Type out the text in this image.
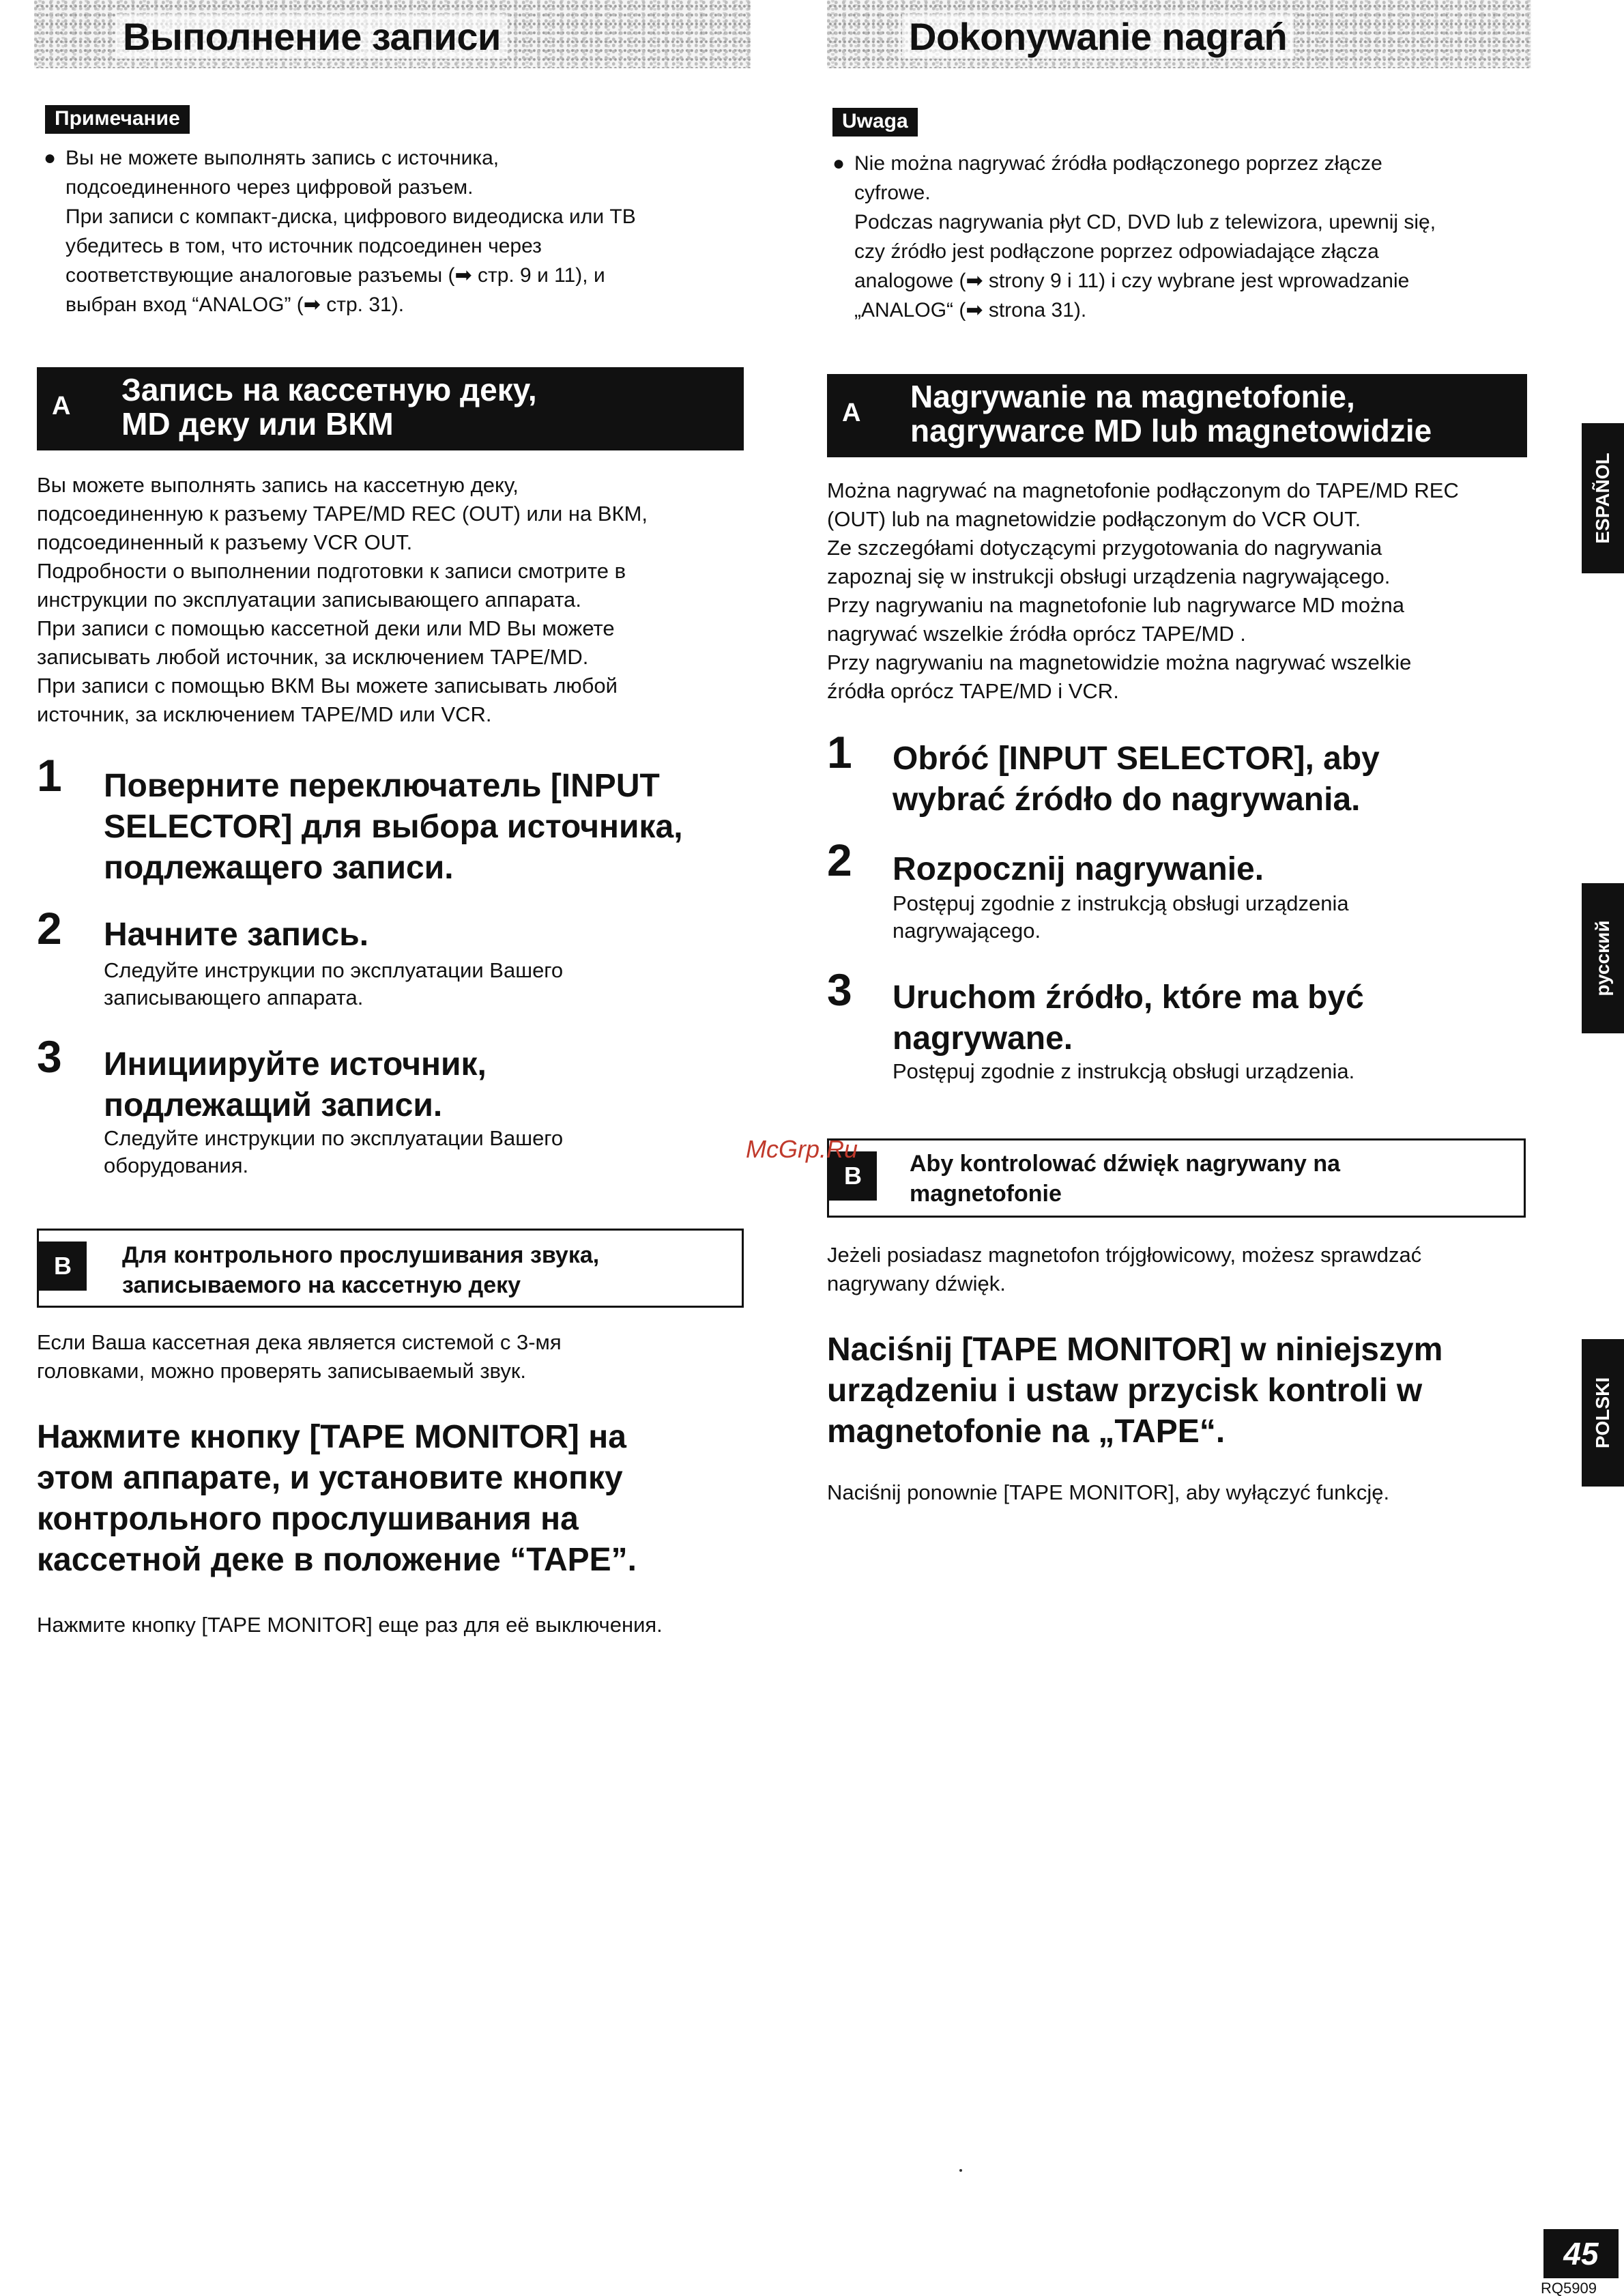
Выполнение записи
Примечание
● Вы не можете выполнять запись с источника,

подсоединенного через цифровой разъем.

При записи с компакт-диска, цифрового видеодиска или ТВ

убедитесь в том, что источник подсоединен через

соответствующие аналоговые разъемы (➡ стр. 9 и 11), и

выбран вход “ANALOG” (➡ стр. 31).

A Запись на кассетную деку,
MD деку или ВКМ

Вы можете выполнять запись на кассетную деку,

подсоединенную к разъему TAPE/MD REC (OUT) или на ВКМ,

подсоединенный к разъему VCR OUT.

Подробности о выполнении подготовки к записи смотрите в

инструкции по эксплуатации записывающего аппарата.

При записи с помощью кассетной деки или MD Вы можете

записывать любой источник, за исключением TAPE/MD.

При записи с помощью ВКМ Вы можете записывать любой

источник, за исключением TAPE/MD или VCR.

1 Поверните переключатель [INPUT
SELECTOR] для выбора источника,
подлежащего записи.
2 Начните запись.
Следуйте инструкции по эксплуатации Вашего
записывающего аппарата.
3 Инициируйте источник,
подлежащий записи.
Следуйте инструкции по эксплуатации Вашего
оборудования.
B	Для контрольного прослушивания звука,
записываемого на кассетную деку

Если Ваша кассетная дека является системой с 3-мя

головками, можно проверять записываемый звук.

Нажмите кнопку [TAPE MONITOR] на
этом аппарате, и установите кнопку
контрольного прослушивания на
кассетной деке в положение “TAPE”.
Нажмите кнопку [TAPE MONITOR] еще раз для её выключения.
Dokonywanie nagrań
Uwaga
● Nie można nagrywać źródła podłączonego poprzez złącze

cyfrowe.

Podczas nagrywania płyt CD, DVD lub z telewizora, upewnij się,

czy źródło jest podłączone poprzez odpowiadające złącza

analogowe (➡ strony 9 i 11) i czy wybrane jest wprowadzanie

„ANALOG“ (➡ strona 31).

A Nagrywanie na magnetofonie,
nagrywarce MD lub magnetowidzie

Można nagrywać na magnetofonie podłączonym do TAPE/MD REC

(OUT) lub na magnetowidzie podłączonym do VCR OUT.

Ze szczegółami dotyczącymi przygotowania do nagrywania

zapoznaj się w instrukcji obsługi urządzenia nagrywającego.

Przy nagrywaniu na magnetofonie lub nagrywarce MD można

nagrywać wszelkie źródła oprócz TAPE/MD .

Przy nagrywaniu na magnetowidzie można nagrywać wszelkie

źródła oprócz TAPE/MD i VCR.

1 Obróć [INPUT SELECTOR], aby
wybrać źródło do nagrywania.
2 Rozpocznij nagrywanie.
Postępuj zgodnie z instrukcją obsługi urządzenia
nagrywającego.
3 Uruchom źródło, które ma być
nagrywane.
Postępuj zgodnie z instrukcją obsługi urządzenia.
B	Aby kontrolować dźwięk nagrywany na
magnetofonie

Jeżeli posiadasz magnetofon trójgłowicowy, możesz sprawdzać

nagrywany dźwięk.

Naciśnij [TAPE MONITOR] w niniejszym
urządzeniu i ustaw przycisk kontroli w
magnetofonie na „TAPE“.
Naciśnij ponownie [TAPE MONITOR], aby wyłączyć funkcję.
ESPAÑOL
русский
POLSKI
McGrp.Ru
45
RQ5909
